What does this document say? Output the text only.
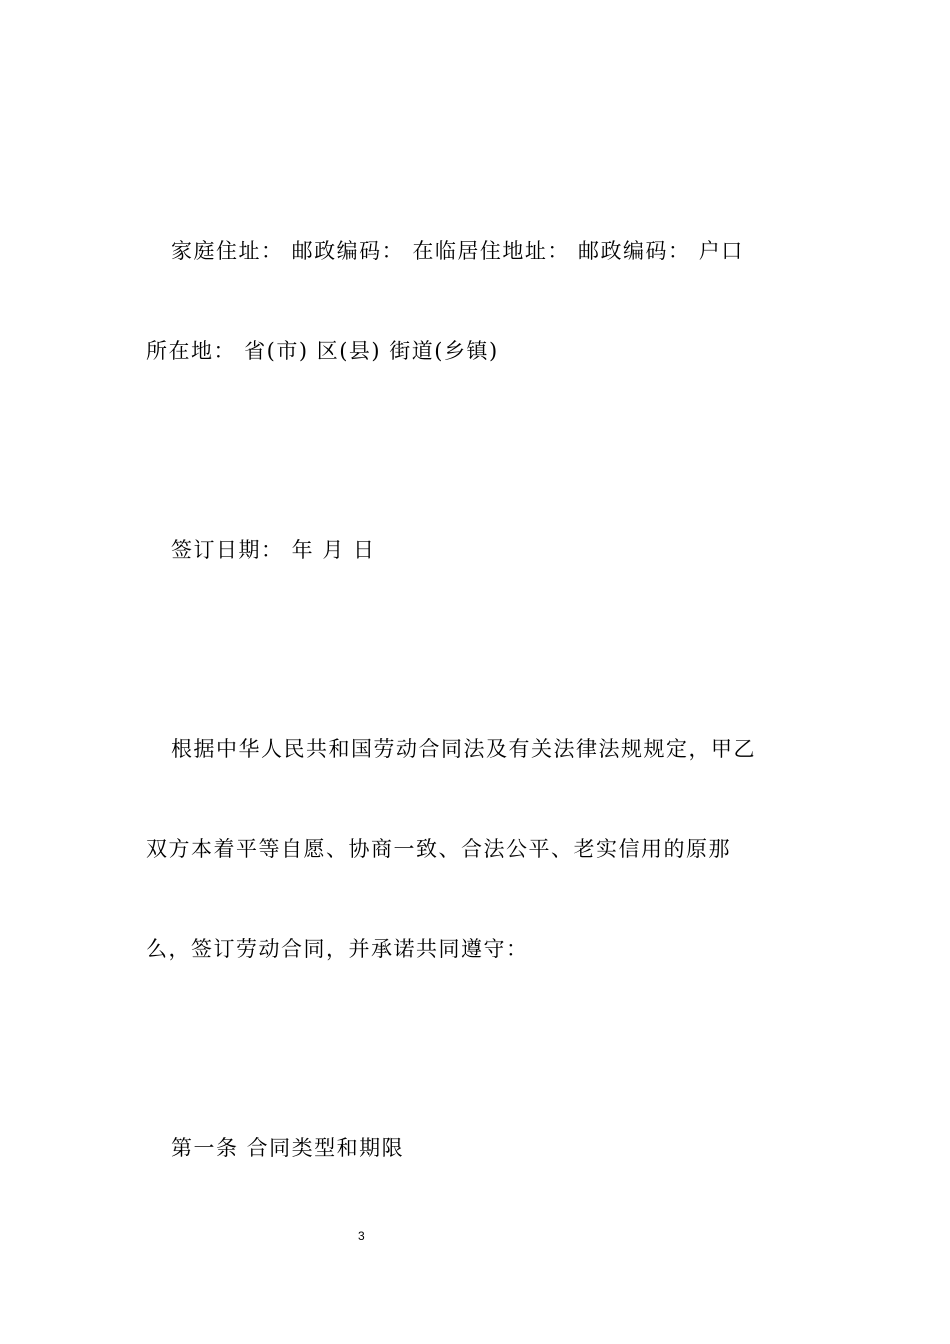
家庭住址： 邮政编码： 在临居住地址： 邮政编码： 户口
所在地： 省(市) 区(县) 街道(乡镇)
签订日期： 年 月 日
根据中华人民共和国劳动合同法及有关法律法规规定，甲乙
双方本着平等自愿、协商一致、合法公平、老实信用的原那
么，签订劳动合同，并承诺共同遵守：
第一条 合同类型和期限
3
